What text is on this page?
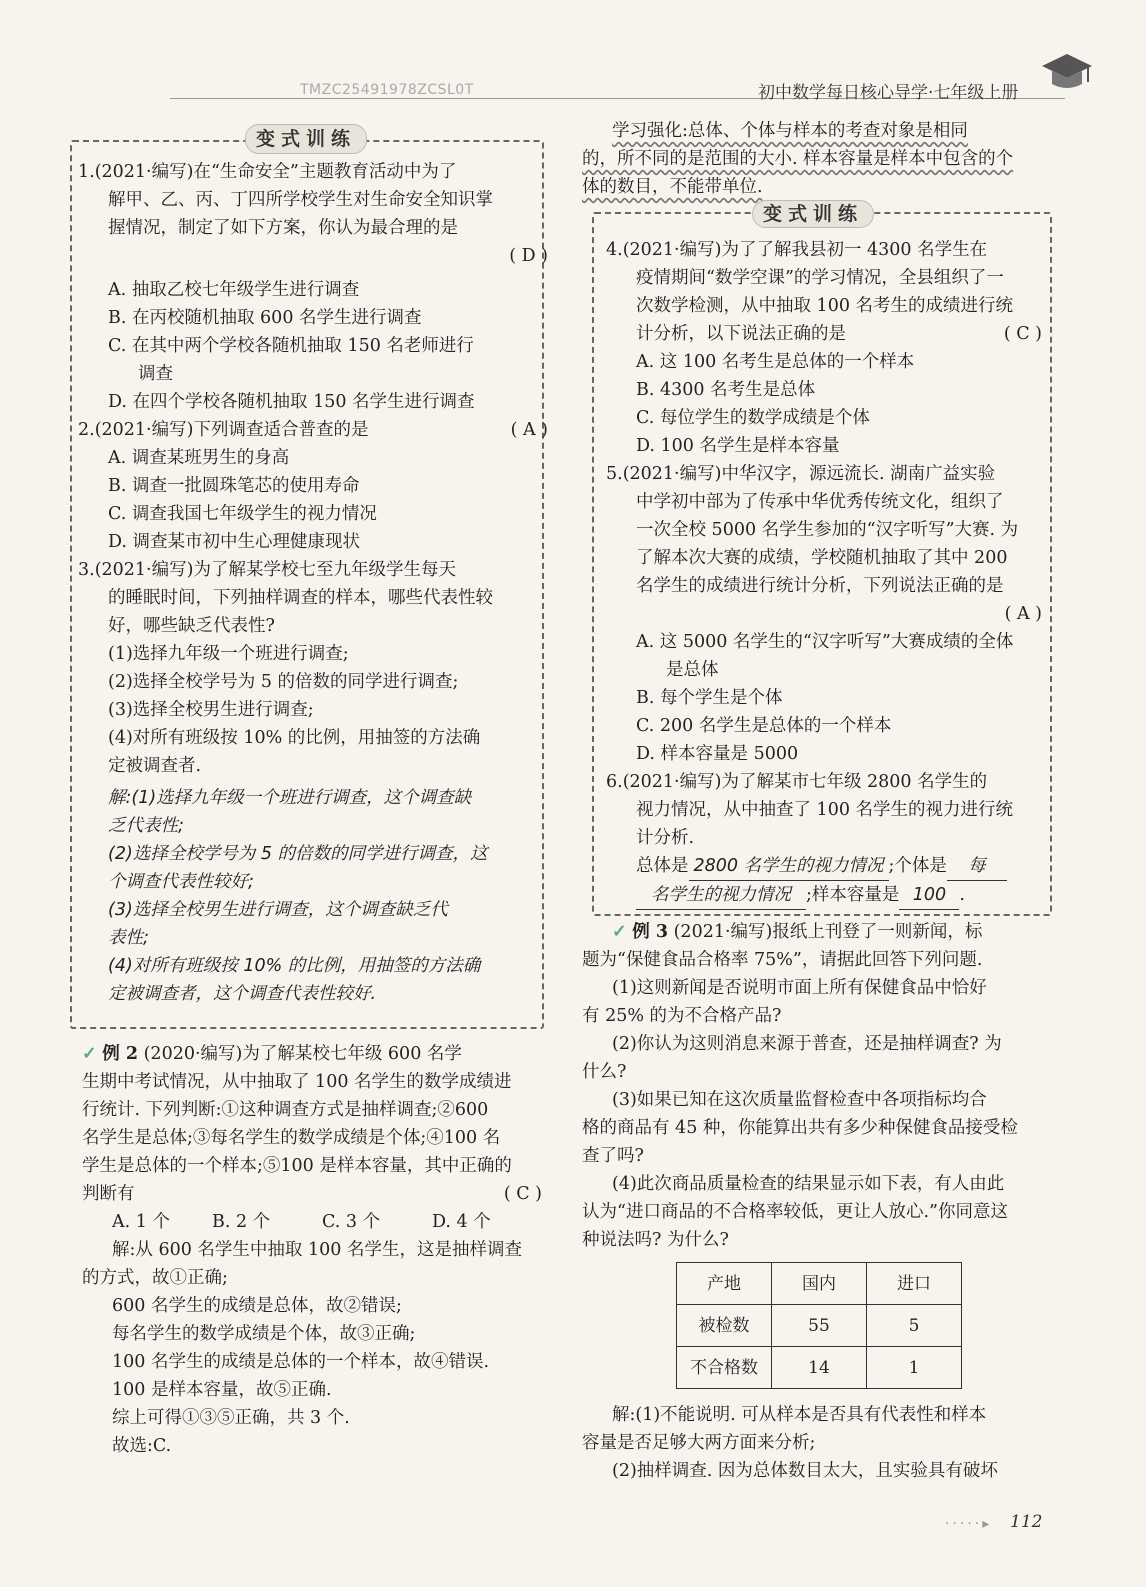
TMZC25491978ZCSL0T	初中数学每日核心导学·七年级上册
变式训练

1.(2021·编写)在“生命安全”主题教育活动中为了

解甲、乙、丙、丁四所学校学生对生命安全知识掌

握情况，制定了如下方案，你认为最合理的是

( D )

A. 抽取乙校七年级学生进行调查

B. 在丙校随机抽取 600 名学生进行调查

C. 在其中两个学校各随机抽取 150 名老师进行

调查

D. 在四个学校各随机抽取 150 名学生进行调查

2.(2021·编写)下列调查适合普查的是	( A )

A. 调查某班男生的身高

B. 调查一批圆珠笔芯的使用寿命

C. 调查我国七年级学生的视力情况

D. 调查某市初中生心理健康现状

3.(2021·编写)为了解某学校七至九年级学生每天

的睡眠时间，下列抽样调查的样本，哪些代表性较

好，哪些缺乏代表性?

(1)选择九年级一个班进行调查;

(2)选择全校学号为 5 的倍数的同学进行调查;

(3)选择全校男生进行调查;

(4)对所有班级按 10% 的比例，用抽签的方法确

定被调查者.

解:(1)选择九年级一个班进行调查，这个调查缺

乏代表性;

(2)选择全校学号为 5 的倍数的同学进行调查，这

个调查代表性较好;

(3)选择全校男生进行调查，这个调查缺乏代

表性;

(4)对所有班级按 10% 的比例，用抽签的方法确

定被调查者，这个调查代表性较好.

✓ 例 2 (2020·编写)为了解某校七年级 600 名学

生期中考试情况，从中抽取了 100 名学生的数学成绩进

行统计. 下列判断:①这种调查方式是抽样调查;②600

名学生是总体;③每名学生的数学成绩是个体;④100 名

学生是总体的一个样本;⑤100 是样本容量，其中正确的

判断有	( C )

A. 1 个 B. 2 个	C. 3 个	D. 4 个

解:从 600 名学生中抽取 100 名学生，这是抽样调查

的方式，故①正确;

600 名学生的成绩是总体，故②错误;

每名学生的数学成绩是个体，故③正确;

100 名学生的成绩是总体的一个样本，故④错误.

100 是样本容量，故⑤正确.

综上可得①③⑤正确，共 3 个.

故选:C.

学习强化:总体、个体与样本的考查对象是相同

的，所不同的是范围的大小. 样本容量是样本中包含的个

体的数目，不能带单位.

变式训练

4.(2021·编写)为了了解我县初一 4300 名学生在

疫情期间“数学空课”的学习情况，全县组织了一

次数学检测，从中抽取 100 名考生的成绩进行统

计分析，以下说法正确的是	( C )

A. 这 100 名考生是总体的一个样本

B. 4300 名考生是总体

C. 每位学生的数学成绩是个体

D. 100 名学生是样本容量

5.(2021·编写)中华汉字，源远流长. 湖南广益实验

中学初中部为了传承中华优秀传统文化，组织了

一次全校 5000 名学生参加的“汉字听写”大赛. 为

了解本次大赛的成绩，学校随机抽取了其中 200

名学生的成绩进行统计分析，下列说法正确的是

( A )

A. 这 5000 名学生的“汉字听写”大赛成绩的全体

是总体

B. 每个学生是个体

C. 200 名学生是总体的一个样本

D. 样本容量是 5000

6.(2021·编写)为了解某市七年级 2800 名学生的

视力情况，从中抽查了 100 名学生的视力进行统

计分析.

总体是 2800 名学生的视力情况 ;个体是 每

名学生的视力情况 ;样本容量是 100 .

✓ 例 3 (2021·编写)报纸上刊登了一则新闻，标

题为“保健食品合格率 75%”，请据此回答下列问题.

(1)这则新闻是否说明市面上所有保健食品中恰好

有 25% 的为不合格产品?

(2)你认为这则消息来源于普查，还是抽样调查? 为

什么?

(3)如果已知在这次质量监督检查中各项指标均合

格的商品有 45 种，你能算出共有多少种保健食品接受检

查了吗?

(4)此次商品质量检查的结果显示如下表，有人由此

认为“进口商品的不合格率较低，更让人放心.”你同意这

种说法吗? 为什么?

产地	国内	进口
被检数	55	5
不合格数	14	1

解:(1)不能说明. 可从样本是否具有代表性和样本

容量是否足够大两方面来分析;

(2)抽样调查. 因为总体数目太大，且实验具有破坏

·····▸ 112
